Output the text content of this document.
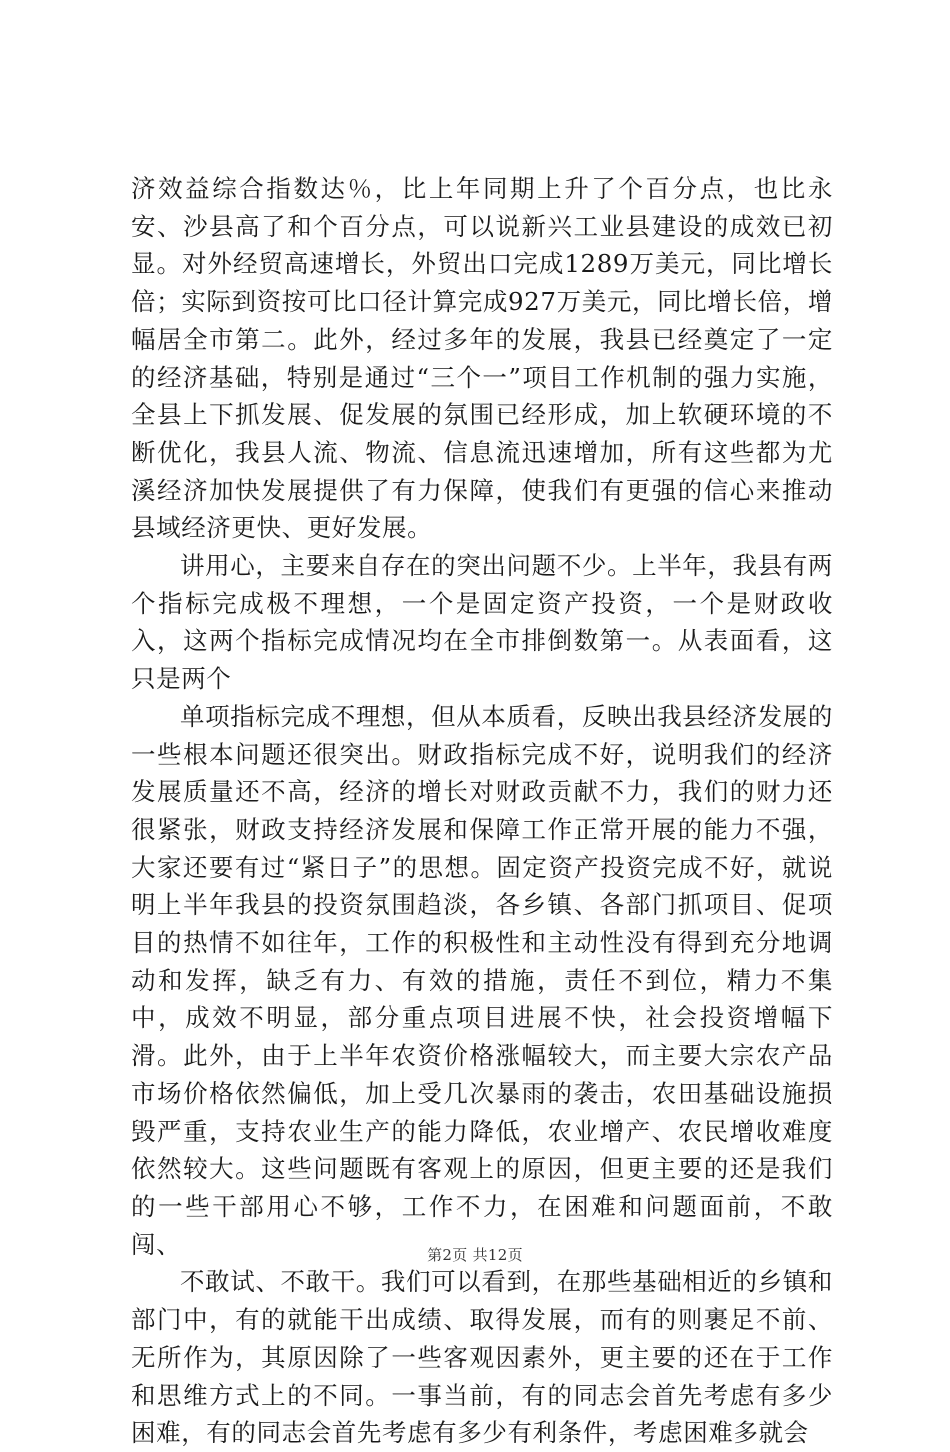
济效益综合指数达％，比上年同期上升了个百分点，也比永安、沙县高了和个百分点，可以说新兴工业县建设的成效已初显。对外经贸高速增长，外贸出口完成1289万美元，同比增长倍；实际到资按可比口径计算完成927万美元，同比增长倍，增幅居全市第二。此外，经过多年的发展，我县已经奠定了一定的经济基础，特别是通过“三个一”项目工作机制的强力实施，全县上下抓发展、促发展的氛围已经形成，加上软硬环境的不断优化，我县人流、物流、信息流迅速增加，所有这些都为尤溪经济加快发展提供了有力保障，使我们有更强的信心来推动县域经济更快、更好发展。

讲用心，主要来自存在的突出问题不少。上半年，我县有两个指标完成极不理想，一个是固定资产投资，一个是财政收入，这两个指标完成情况均在全市排倒数第一。从表面看，这只是两个

单项指标完成不理想，但从本质看，反映出我县经济发展的一些根本问题还很突出。财政指标完成不好，说明我们的经济发展质量还不高，经济的增长对财政贡献不力，我们的财力还很紧张，财政支持经济发展和保障工作正常开展的能力不强，大家还要有过“紧日子”的思想。固定资产投资完成不好，就说明上半年我县的投资氛围趋淡，各乡镇、各部门抓项目、促项目的热情不如往年，工作的积极性和主动性没有得到充分地调动和发挥，缺乏有力、有效的措施，责任不到位，精力不集中，成效不明显，部分重点项目进展不快，社会投资增幅下滑。此外，由于上半年农资价格涨幅较大，而主要大宗农产品市场价格依然偏低，加上受几次暴雨的袭击，农田基础设施损毁严重，支持农业生产的能力降低，农业增产、农民增收难度依然较大。这些问题既有客观上的原因，但更主要的还是我们的一些干部用心不够，工作不力，在困难和问题面前，不敢闯、

不敢试、不敢干。我们可以看到，在那些基础相近的乡镇和部门中，有的就能干出成绩、取得发展，而有的则裹足不前、无所作为，其原因除了一些客观因素外，更主要的还在于工作和思维方式上的不同。一事当前，有的同志会首先考虑有多少困难，有的同志会首先考虑有多少有利条件，考虑困难多就会

第2页 共12页
